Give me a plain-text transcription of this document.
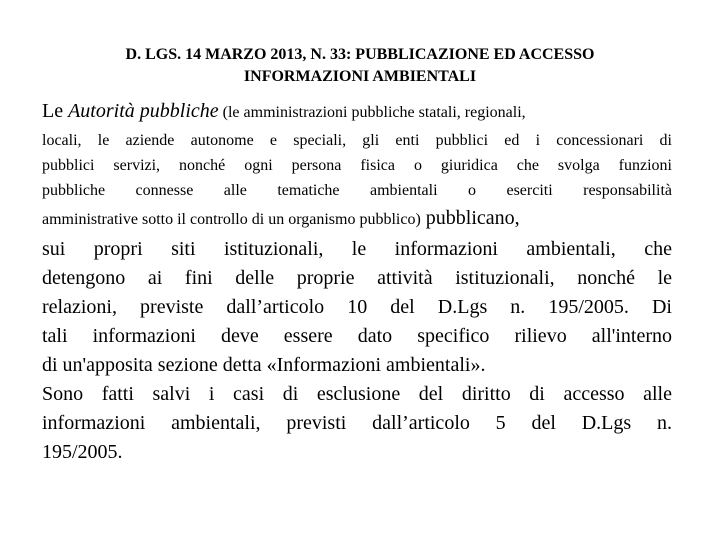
D. LGS. 14 MARZO 2013, N. 33: PUBBLICAZIONE ED ACCESSO
INFORMAZIONI AMBIENTALI
Le Autorità pubbliche (le amministrazioni pubbliche statali, regionali,
locali, le aziende autonome e speciali, gli enti pubblici ed i concessionari di
pubblici servizi, nonché ogni persona fisica o giuridica che svolga funzioni
pubbliche connesse alle tematiche ambientali o eserciti responsabilità
amministrative sotto il controllo di un organismo pubblico) pubblicano,
sui propri siti istituzionali, le informazioni ambientali, che
detengono ai fini delle proprie attività istituzionali, nonché le
relazioni, previste dall’articolo 10 del D.Lgs n. 195/2005. Di
tali informazioni deve essere dato specifico rilievo all'interno
di un'apposita sezione detta «Informazioni ambientali».
Sono fatti salvi i casi di esclusione del diritto di accesso alle
informazioni ambientali, previsti dall’articolo 5 del D.Lgs n.
195/2005.
